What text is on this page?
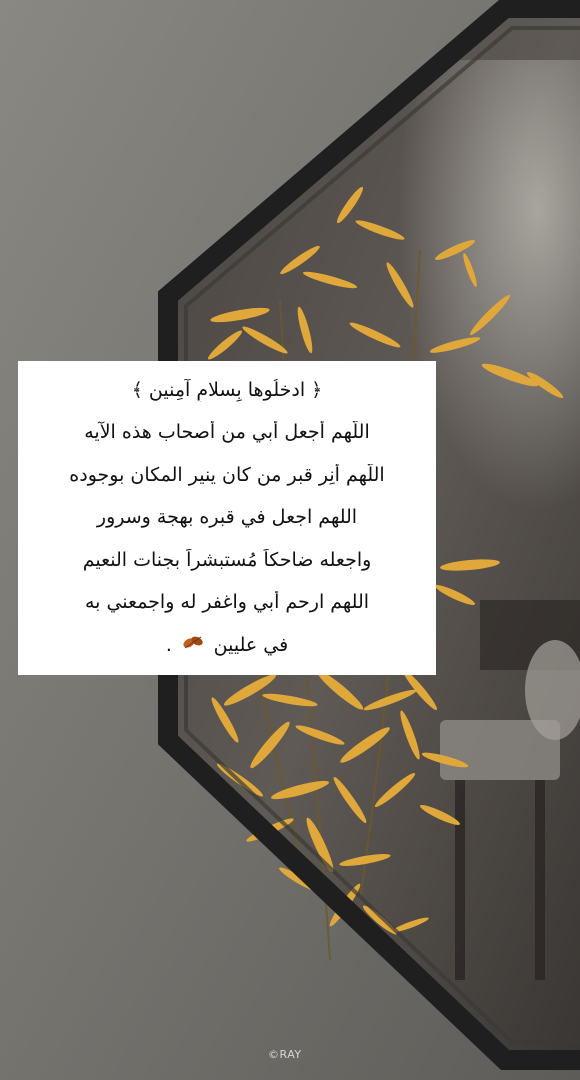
﴿ ادخلُوها بِسلامٍ آمِنين ﴾
اللّهم أجعل أبي من أصحاب هذه الآيه
اللّهم أنِر قبر من كان ينير المكان بوجوده
اللهم اجعل في قبره بهجة وسرور
واجعله ضاحكاً مُستبشراً بجنات النعيم
اللهم ارحم أبي واغفر له واجمعني به
في عليين  .
©RAY
